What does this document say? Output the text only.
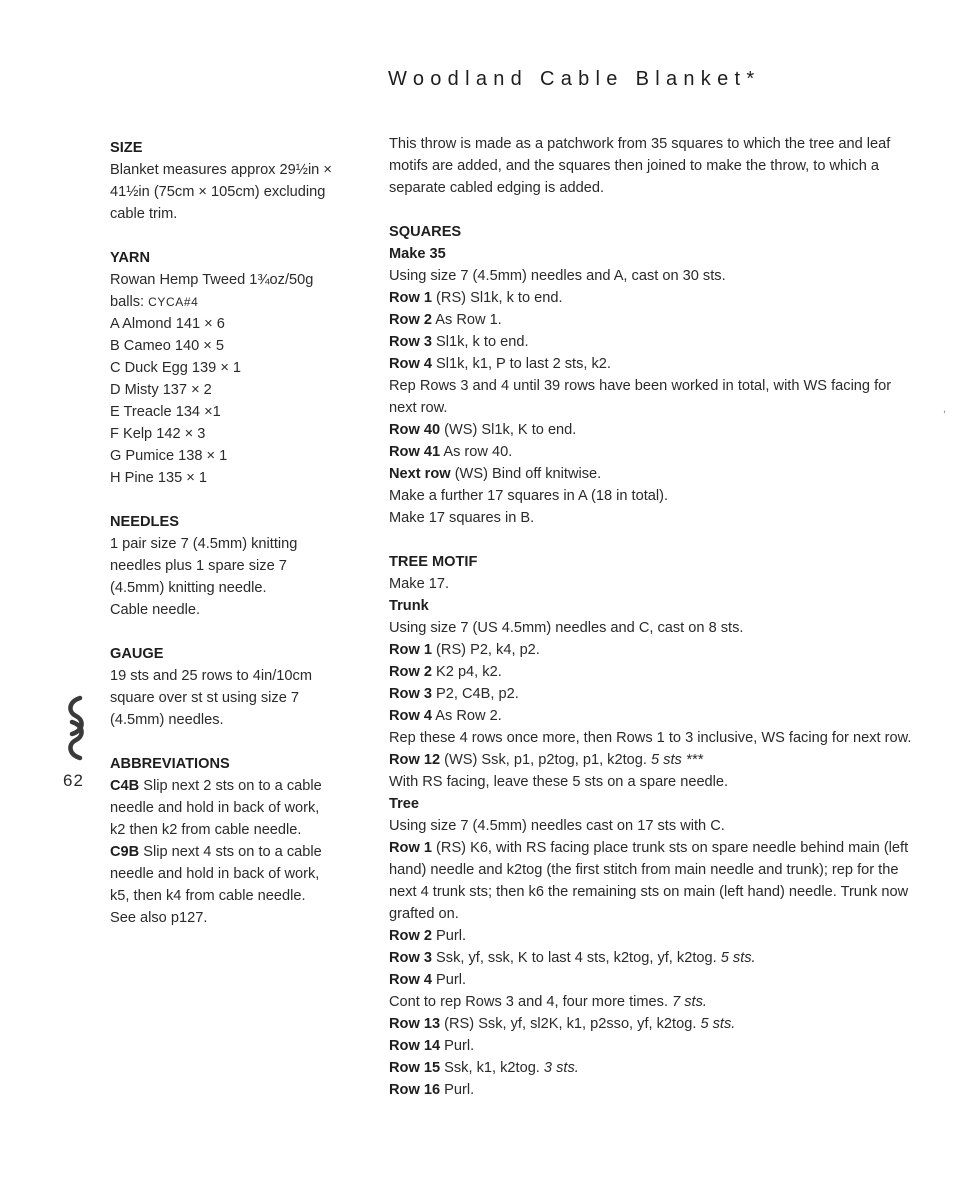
Woodland Cable Blanket*
62
,
SIZE
Blanket measures approx 29½in ×
41½in (75cm × 105cm) excluding
cable trim.
YARN
Rowan Hemp Tweed 1¾oz/50g
balls: CYCA#4
A Almond 141 × 6
B Cameo 140 × 5
C Duck Egg 139 × 1
D Misty 137 × 2
E Treacle 134 ×1
F Kelp 142 × 3
G Pumice 138 × 1
H Pine 135 × 1
NEEDLES
1 pair size 7 (4.5mm) knitting
needles plus 1 spare size 7
(4.5mm) knitting needle.
Cable needle.
GAUGE
19 sts and 25 rows to 4in/10cm
square over st st using size 7
(4.5mm) needles.
ABBREVIATIONS
C4B Slip next 2 sts on to a cable
needle and hold in back of work,
k2 then k2 from cable needle.
C9B Slip next 4 sts on to a cable
needle and hold in back of work,
k5, then k4 from cable needle.
See also p127.
This throw is made as a patchwork from 35 squares to which the tree and leaf motifs are added, and the squares then joined to make the throw, to which a separate cabled edging is added.
SQUARES
Make 35
Using size 7 (4.5mm) needles and A, cast on 30 sts.
Row 1 (RS) Sl1k, k to end.
Row 2 As Row 1.
Row 3 Sl1k, k to end.
Row 4 Sl1k, k1, P to last 2 sts, k2.
Rep Rows 3 and 4 until 39 rows have been worked in total, with WS facing for next row.
Row 40 (WS) Sl1k, K to end.
Row 41 As row 40.
Next row (WS) Bind off knitwise.
Make a further 17 squares in A (18 in total).
Make 17 squares in B.
TREE MOTIF
Make 17.
Trunk
Using size 7 (US 4.5mm) needles and C, cast on 8 sts.
Row 1 (RS) P2, k4, p2.
Row 2 K2 p4, k2.
Row 3 P2, C4B, p2.
Row 4 As Row 2.
Rep these 4 rows once more, then Rows 1 to 3 inclusive, WS facing for next row.
Row 12 (WS) Ssk, p1, p2tog, p1, k2tog. 5 sts ***
With RS facing, leave these 5 sts on a spare needle.
Tree
Using size 7 (4.5mm) needles cast on 17 sts with C.
Row 1 (RS) K6, with RS facing place trunk sts on spare needle behind main (left hand) needle and k2tog (the first stitch from main needle and trunk); rep for the next 4 trunk sts; then k6 the remaining sts on main (left hand) needle. Trunk now grafted on.
Row 2 Purl.
Row 3 Ssk, yf, ssk, K to last 4 sts, k2tog, yf, k2tog. 5 sts.
Row 4 Purl.
Cont to rep Rows 3 and 4, four more times. 7 sts.
Row 13 (RS) Ssk, yf, sl2K, k1, p2sso, yf, k2tog. 5 sts.
Row 14 Purl.
Row 15 Ssk, k1, k2tog. 3 sts.
Row 16 Purl.
